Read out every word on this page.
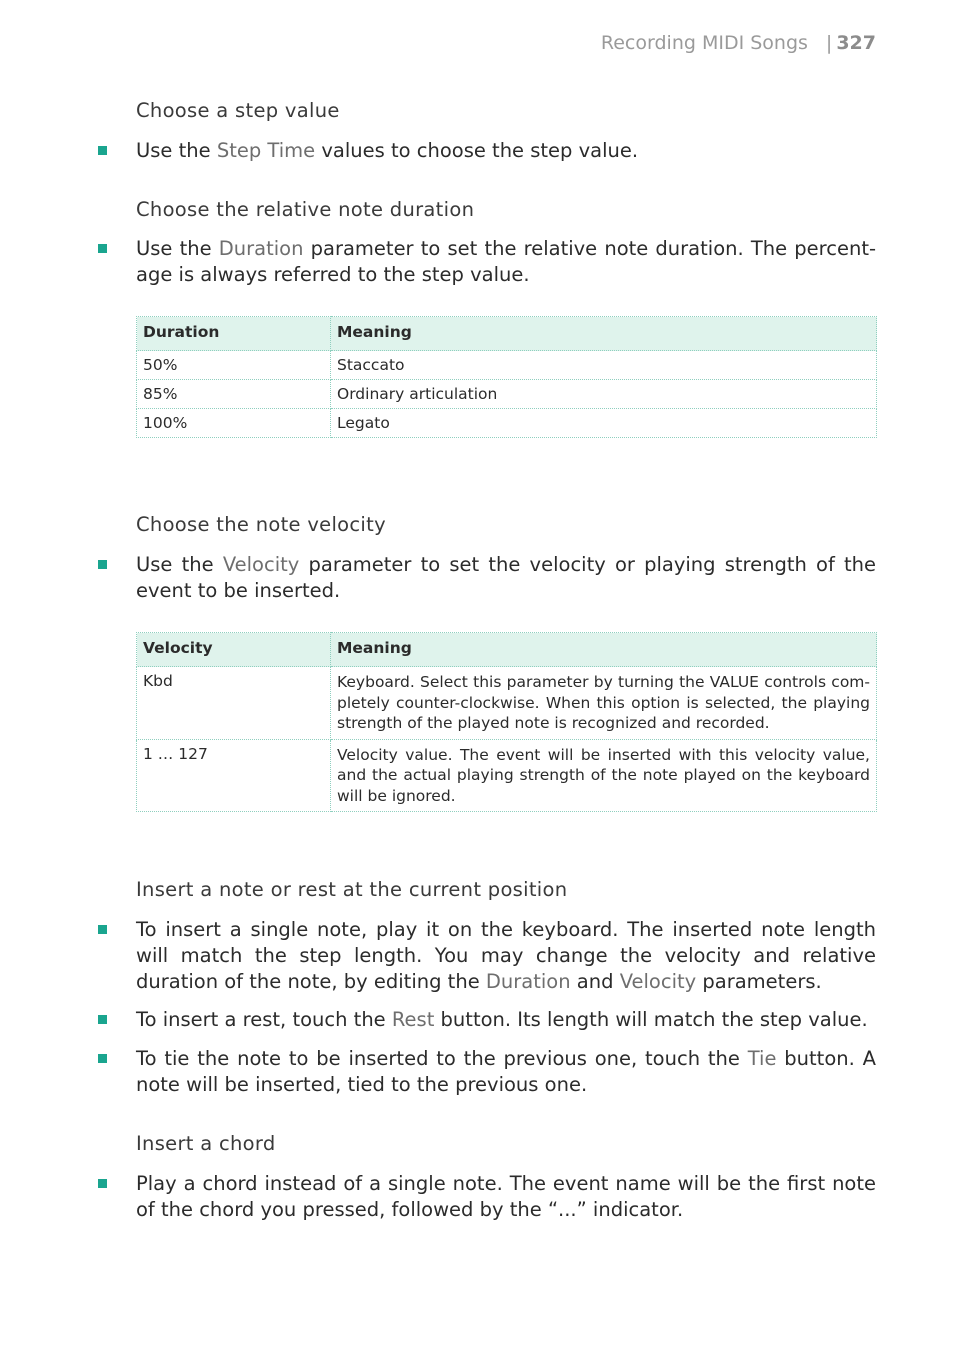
Recording MIDI Songs | 327
Choose a step value
Use the Step Time values to choose the step value.
Choose the relative note duration
Use the Duration parameter to set the relative note duration. The percent-age is always referred to the step value.
Duration	Meaning
50%	Staccato
85%	Ordinary articulation
100%	Legato
Choose the note velocity
Use the Velocity parameter to set the velocity or playing strength of the event to be inserted.
Velocity	Meaning
Kbd	Keyboard. Select this parameter by turning the VALUE controls com-pletely counter-clockwise. When this option is selected, the playing strength of the played note is recognized and recorded.
1 … 127	Velocity value. The event will be inserted with this velocity value, and the actual playing strength of the note played on the keyboard will be ignored.
Insert a note or rest at the current position
To insert a single note, play it on the keyboard. The inserted note length will match the step length. You may change the velocity and relative duration of the note, by editing the Duration and Velocity parameters.
To insert a rest, touch the Rest button. Its length will match the step value.
To tie the note to be inserted to the previous one, touch the Tie button. A note will be inserted, tied to the previous one.
Insert a chord
Play a chord instead of a single note. The event name will be the first note of the chord you pressed, followed by the “...” indicator.
